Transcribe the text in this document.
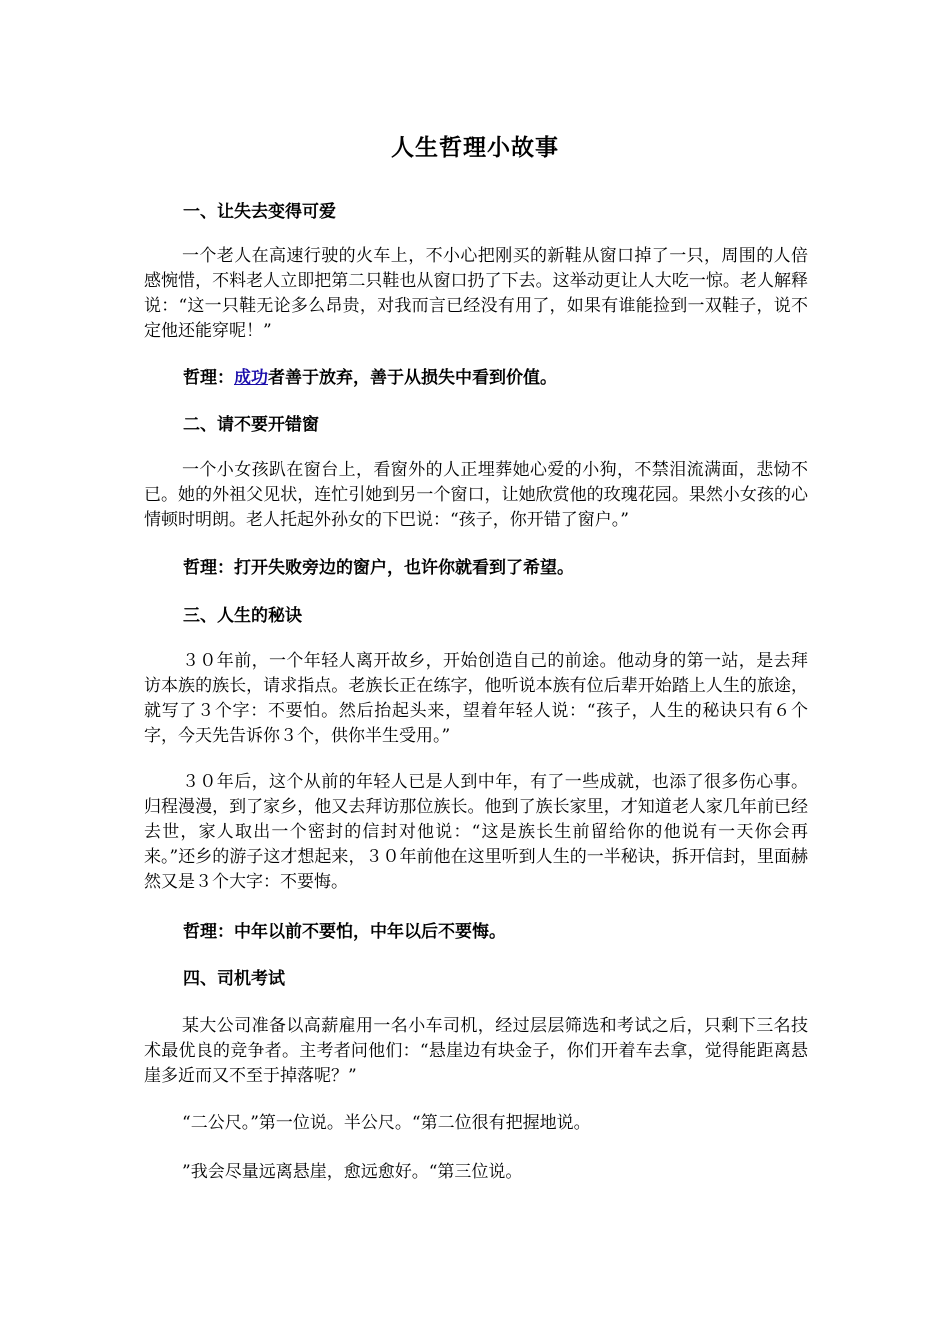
人生哲理小故事
一、让失去变得可爱
一个老人在高速行驶的火车上，不小心把刚买的新鞋从窗口掉了一只，周围的人倍感惋惜，不料老人立即把第二只鞋也从窗口扔了下去。这举动更让人大吃一惊。老人解释说：“这一只鞋无论多么昂贵，对我而言已经没有用了，如果有谁能捡到一双鞋子，说不定他还能穿呢！”
哲理：成功者善于放弃，善于从损失中看到价值。
二、请不要开错窗
一个小女孩趴在窗台上，看窗外的人正埋葬她心爱的小狗，不禁泪流满面，悲恸不已。她的外祖父见状，连忙引她到另一个窗口，让她欣赏他的玫瑰花园。果然小女孩的心情顿时明朗。老人托起外孙女的下巴说：“孩子，你开错了窗户。”
哲理：打开失败旁边的窗户，也许你就看到了希望。
三、人生的秘诀
３０年前，一个年轻人离开故乡，开始创造自己的前途。他动身的第一站，是去拜访本族的族长，请求指点。老族长正在练字，他听说本族有位后辈开始踏上人生的旅途，就写了３个字：不要怕。然后抬起头来，望着年轻人说：“孩子，人生的秘诀只有６个字，今天先告诉你３个，供你半生受用。”
３０年后，这个从前的年轻人已是人到中年，有了一些成就，也添了很多伤心事。归程漫漫，到了家乡，他又去拜访那位族长。他到了族长家里，才知道老人家几年前已经去世，家人取出一个密封的信封对他说：“这是族长生前留给你的他说有一天你会再来。”还乡的游子这才想起来，３０年前他在这里听到人生的一半秘诀，拆开信封，里面赫然又是３个大字：不要悔。
哲理：中年以前不要怕，中年以后不要悔。
四、司机考试
某大公司准备以高薪雇用一名小车司机，经过层层筛选和考试之后，只剩下三名技术最优良的竞争者。主考者问他们：“悬崖边有块金子，你们开着车去拿，觉得能距离悬崖多近而又不至于掉落呢？”
“二公尺。”第一位说。半公尺。“第二位很有把握地说。
”我会尽量远离悬崖，愈远愈好。“第三位说。
